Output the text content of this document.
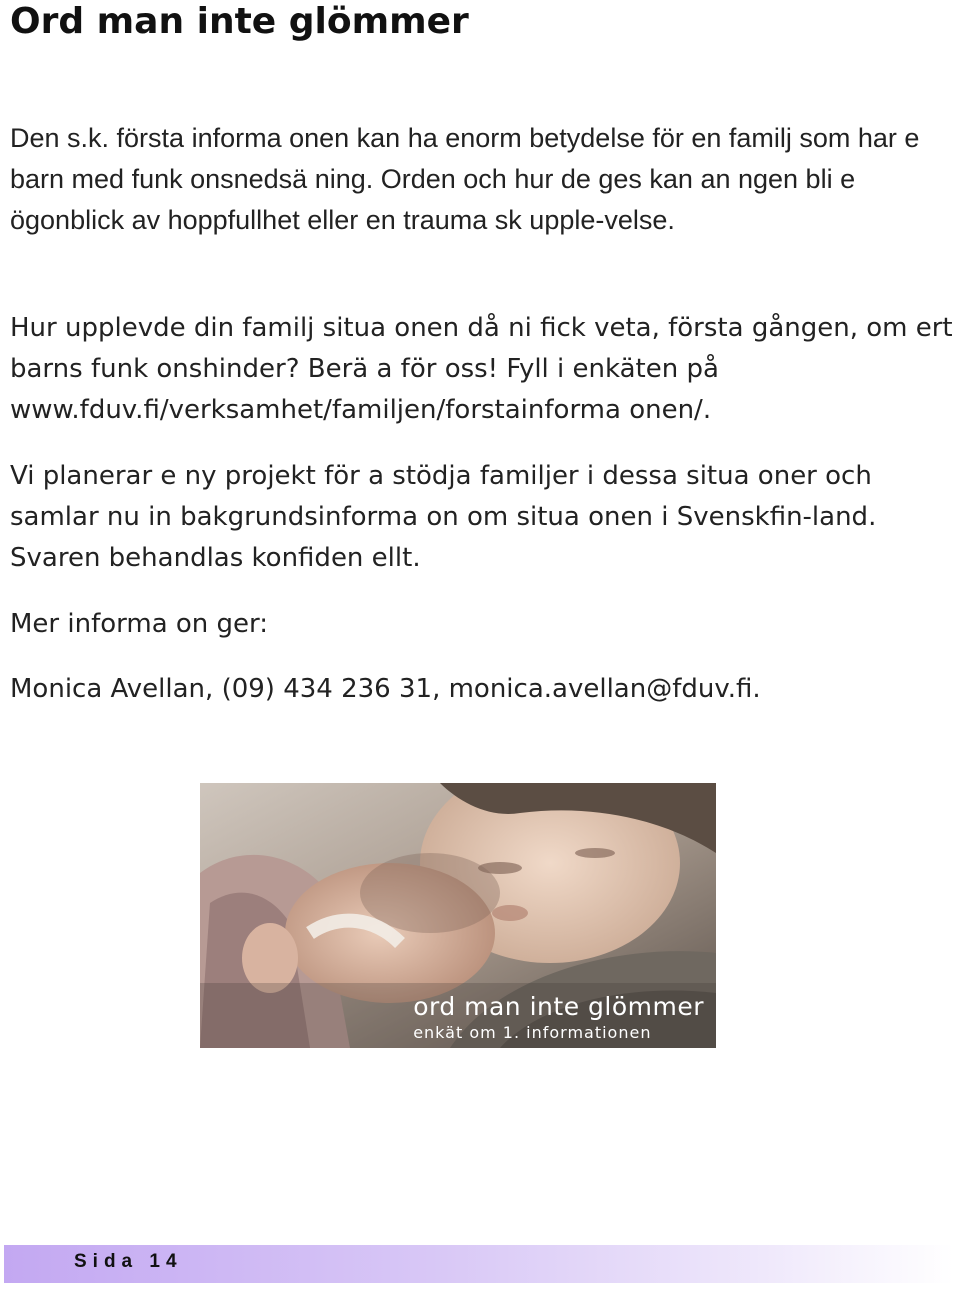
Ord man inte glömmer

Den s.k. första informa onen kan ha enorm betydelse för en familj som har e barn med funk onsnedsä ning. Orden och hur de ges kan an ngen bli e ögonblick av hoppfullhet eller en trauma sk upple-velse.

Hur upplevde din familj situa onen då ni fick veta, första gången, om ert barns funk onshinder? Berä a för oss! Fyll i enkäten på www.fduv.fi/verksamhet/familjen/forstainforma onen/.

Vi planerar e ny projekt för a stödja familjer i dessa situa oner och samlar nu in bakgrundsinforma on om situa onen i Svenskfin-land. Svaren behandlas konfiden ellt.

Mer informa on ger:

Monica Avellan, (09) 434 236 31, monica.avellan@fduv.fi.

ord man inte glömmer
enkät om 1. informationen
Sida 14
